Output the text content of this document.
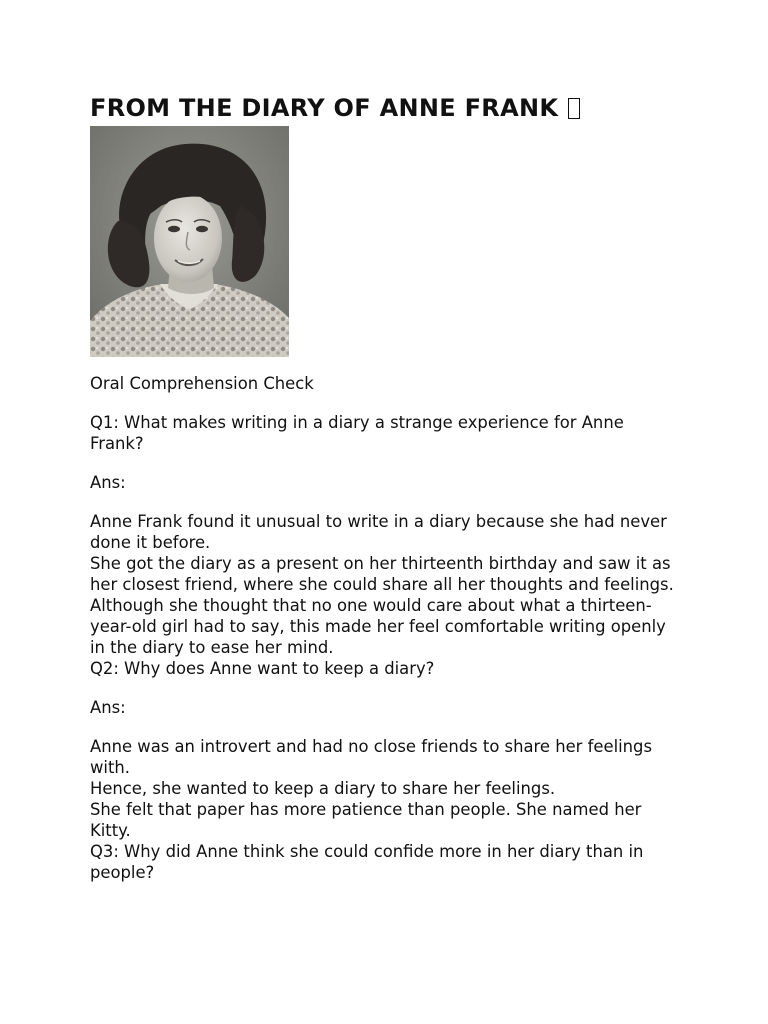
FROM THE DIARY OF ANNE FRANK

Oral Comprehension Check

Q1: What makes writing in a diary a strange experience for Anne Frank?

Ans:

Anne Frank found it unusual to write in a diary because she had never done it before.

She got the diary as a present on her thirteenth birthday and saw it as her closest friend, where she could share all her thoughts and feelings.

Although she thought that no one would care about what a thirteen-year-old girl had to say, this made her feel comfortable writing openly in the diary to ease her mind.

Q2: Why does Anne want to keep a diary?

Ans:

Anne was an introvert and had no close friends to share her feelings with.

Hence, she wanted to keep a diary to share her feelings.

She felt that paper has more patience than people. She named her Kitty.

Q3: Why did Anne think she could confide more in her diary than in people?
